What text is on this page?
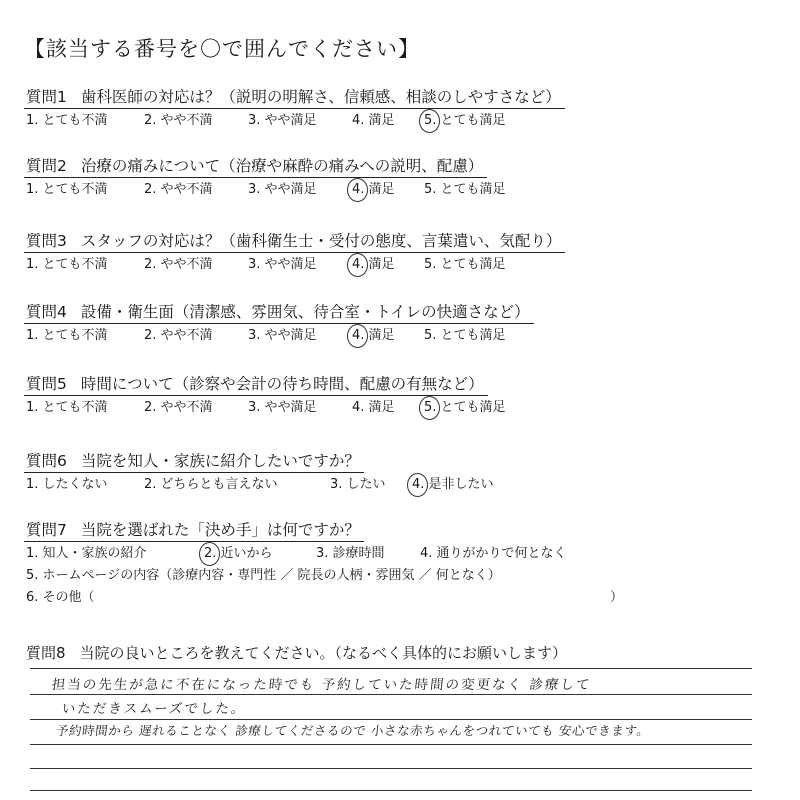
【該当する番号を〇で囲んでください】
質問1 歯科医師の対応は？（説明の明解さ、信頼感、相談のしやすさなど）
1. とても不満	2. やや不満	3. やや満足	4. 満足	5. とても満足
質問2 治療の痛みについて（治療や麻酔の痛みへの説明、配慮）
1. とても不満	2. やや不満	3. やや満足	4. 満足	5. とても満足
質問3 スタッフの対応は？（歯科衛生士・受付の態度、言葉遣い、気配り）
1. とても不満	2. やや不満	3. やや満足	4. 満足	5. とても満足
質問4 設備・衛生面（清潔感、雰囲気、待合室・トイレの快適さなど）
1. とても不満	2. やや不満	3. やや満足	4. 満足	5. とても満足
質問5 時間について（診察や会計の待ち時間、配慮の有無など）
1. とても不満	2. やや不満	3. やや満足	4. 満足	5. とても満足
質問6 当院を知人・家族に紹介したいですか？
1. したくない	2. どちらとも言えない	3. したい	4. 是非したい
質問7 当院を選ばれた「決め手」は何ですか？
1. 知人・家族の紹介	2. 近いから	3. 診療時間	4. 通りがかりで何となく
5. ホームページの内容（診療内容・専門性 ／ 院長の人柄・雰囲気 ／ 何となく）
6. その他（	）
質問8 当院の良いところを教えてください。（なるべく具体的にお願いします）
担当の先生が急に不在になった時でも 予約していた時間の変更なく 診療して
いただきスムーズでした。
予約時間から 遅れることなく 診療してくださるので 小さな赤ちゃんをつれていても 安心できます。
